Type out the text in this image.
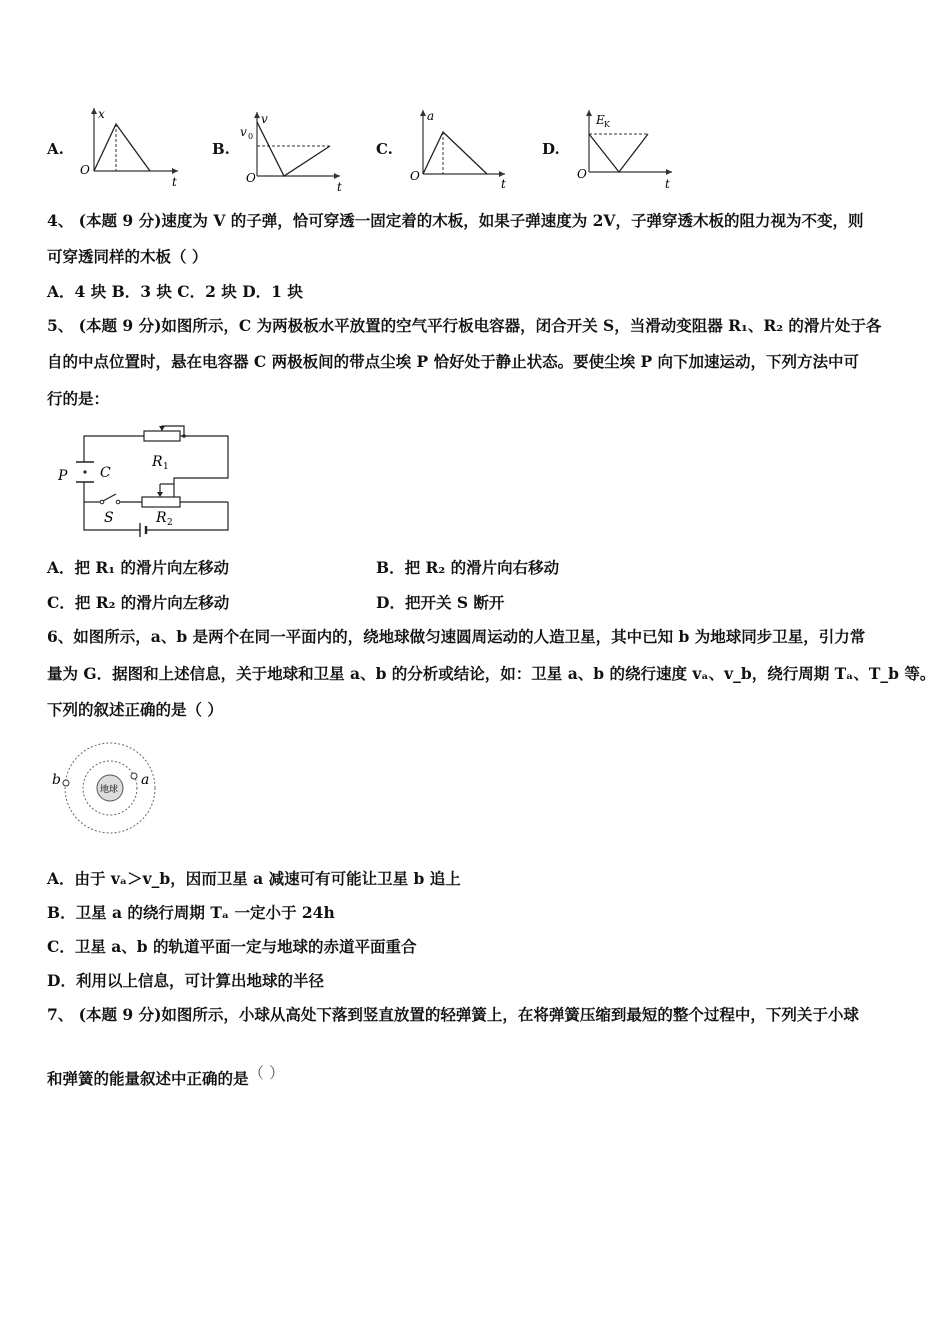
A.
x
O
t
B.
v
v 0
O
t
C.
a
O
t
D.
E K
O
t
4、 (本题 9 分)速度为 V 的子弹，恰可穿透一固定着的木板，如果子弹速度为 2V，子弹穿透木板的阻力视为不变，则
可穿透同样的木板（ ）
A．4 块 B．3 块 C．2 块 D．1 块
5、 (本题 9 分)如图所示，C 为两极板水平放置的空气平行板电容器，闭合开关 S，当滑动变阻器 R₁、R₂ 的滑片处于各
自的中点位置时，悬在电容器 C 两极板间的带点尘埃 P 恰好处于静止状态。要使尘埃 P 向下加速运动，下列方法中可
行的是：
P C
R 1
S	R 2
A．把 R₁ 的滑片向左移动	B．把 R₂ 的滑片向右移动
C．把 R₂ 的滑片向左移动	D．把开关 S 断开
6、如图所示，a、b 是两个在同一平面内的，绕地球做匀速圆周运动的人造卫星，其中已知 b 为地球同步卫星，引力常
量为 G．据图和上述信息，关于地球和卫星 a、b 的分析或结论，如：卫星 a、b 的绕行速度 vₐ、v_b，绕行周期 Tₐ、T_b 等。
下列的叙述正确的是（ ）
地球
a
b
A．由于 vₐ＞v_b，因而卫星 a 减速可有可能让卫星 b 追上
B．卫星 a 的绕行周期 Tₐ 一定小于 24h
C．卫星 a、b 的轨道平面一定与地球的赤道平面重合
D．利用以上信息，可计算出地球的半径
7、 (本题 9 分)如图所示，小球从高处下落到竖直放置的轻弹簧上，在将弹簧压缩到最短的整个过程中，下列关于小球
和弹簧的能量叙述中正确的是（ ）
